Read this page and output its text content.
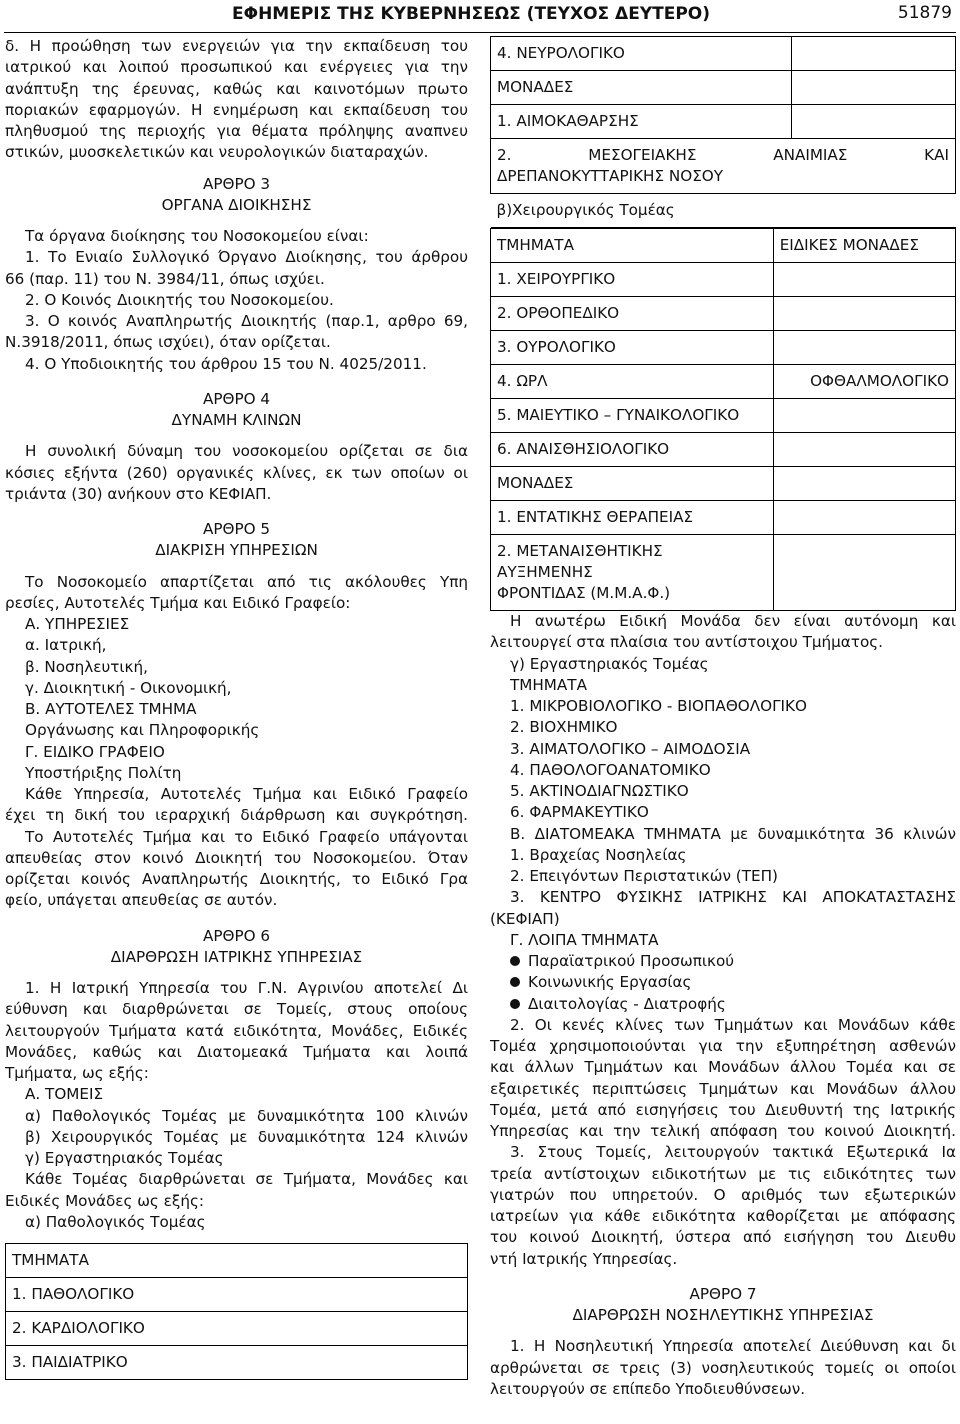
ΕΦΗΜΕΡΙΣ ΤΗΣ ΚΥΒΕΡΝΗΣΕΩΣ (ΤΕΥΧΟΣ ΔΕΥΤΕΡΟ)	51879
δ. Η προώθηση των ενεργειών για την εκπαίδευση του
ιατρικού και λοιπού προσωπικού και ενέργειες για την
ανάπτυξη της έρευνας, καθώς και καινοτόμων πρωτο
ποριακών εφαρμογών. Η ενημέρωση και εκπαίδευση του
πληθυσμού της περιοχής για θέματα πρόληψης αναπνευ
στικών, μυοσκελετικών και νευρολογικών διαταραχών.
ΑΡΘΡΟ 3
ΟΡΓΑΝΑ ΔΙΟΙΚΗΣΗΣ
Τα όργανα διοίκησης του Νοσοκομείου είναι:
1. Το Ενιαίο Συλλογικό Όργανο Διοίκησης, του άρθρου
66 (παρ. 11) του Ν. 3984/11, όπως ισχύει.
2. Ο Κοινός Διοικητής του Νοσοκομείου.
3. Ο κοινός Αναπληρωτής Διοικητής (παρ.1, αρθρο 69,
Ν.3918/2011, όπως ισχύει), όταν ορίζεται.
4. Ο Υποδιοικητής του άρθρου 15 του Ν. 4025/2011.
ΑΡΘΡΟ 4
ΔΥΝΑΜΗ ΚΛΙΝΩΝ
Η συνολική δύναμη του νοσοκομείου ορίζεται σε δια
κόσιες εξήντα (260) οργανικές κλίνες, εκ των οποίων οι
τριάντα (30) ανήκουν στο ΚΕΦΙΑΠ.
ΑΡΘΡΟ 5
ΔΙΑΚΡΙΣΗ ΥΠΗΡΕΣΙΩΝ
Το Νοσοκομείο απαρτίζεται από τις ακόλουθες Υπη
ρεσίες, Αυτοτελές Τμήμα και Ειδικό Γραφείο:
Α. ΥΠΗΡΕΣΙΕΣ
α. Ιατρική,
β. Νοσηλευτική,
γ. Διοικητική - Οικονομική,
Β. ΑΥΤΟΤΕΛΕΣ ΤΜΗΜΑ
Οργάνωσης και Πληροφορικής
Γ. ΕΙΔΙΚΟ ΓΡΑΦΕΙΟ
Υποστήριξης Πολίτη
Κάθε Υπηρεσία, Αυτοτελές Τμήμα και Ειδικό Γραφείο
έχει τη δική του ιεραρχική διάρθρωση και συγκρότηση.
Το Αυτοτελές Τμήμα και το Ειδικό Γραφείο υπάγονται
απευθείας στον κοινό Διοικητή του Νοσοκομείου. Όταν
ορίζεται κοινός Αναπληρωτής Διοικητής, το Ειδικό Γρα
φείο, υπάγεται απευθείας σε αυτόν.
ΑΡΘΡΟ 6
ΔΙΑΡΘΡΩΣΗ ΙΑΤΡΙΚΗΣ ΥΠΗΡΕΣΙΑΣ
1. Η Ιατρική Υπηρεσία του Γ.Ν. Αγρινίου αποτελεί Δι
εύθυνση και διαρθρώνεται σε Τομείς, στους οποίους
λειτουργούν Τμήματα κατά ειδικότητα, Μονάδες, Ειδικές
Μονάδες, καθώς και Διατομεακά Τμήματα και λοιπά
Τμήματα, ως εξής:
Α. ΤΟΜΕΙΣ
α) Παθολογικός Τομέας με δυναμικότητα 100 κλινών
β) Χειρουργικός Τομέας με δυναμικότητα 124 κλινών
γ) Εργαστηριακός Τομέας
Κάθε Τομέας διαρθρώνεται σε Τμήματα, Μονάδες και
Ειδικές Μονάδες ως εξής:
α) Παθολογικός Τομέας
ΤΜΗΜΑΤΑ
1. ΠΑΘΟΛΟΓΙΚΟ
2. ΚΑΡΔΙΟΛΟΓΙΚΟ
3. ΠΑΙΔΙΑΤΡΙΚΟ
4. ΝΕΥΡΟΛΟΓΙΚΟ	
ΜΟΝΑΔΕΣ	
1. ΑΙΜΟΚΑΘΑΡΣΗΣ	

2. ΜΕΣΟΓΕΙΑΚΗΣ ΑΝΑΙΜΙΑΣ ΚΑΙ
ΔΡΕΠΑΝΟΚΥΤΤΑΡΙΚΗΣ ΝΟΣΟΥ	

β)Χειρουργικός Τομέας	
ΤΜΗΜΑΤΑ	ΕΙΔΙΚΕΣ ΜΟΝΑΔΕΣ
1. ΧΕΙΡΟΥΡΓΙΚΟ	
2. ΟΡΘΟΠΕΔΙΚΟ	
3. ΟΥΡΟΛΟΓΙΚΟ	
4. ΩΡΛ	ΟΦΘΑΛΜΟΛΟΓΙΚΟ
5. ΜΑΙΕΥΤΙΚΟ – ΓΥΝΑΙΚΟΛΟΓΙΚΟ	
6. ΑΝΑΙΣΘΗΣΙΟΛΟΓΙΚΟ	
ΜΟΝΑΔΕΣ	
1. ΕΝΤΑΤΙΚΗΣ ΘΕΡΑΠΕΙΑΣ	

2. ΜΕΤΑΝΑΙΣΘΗΤΙΚΗΣ
ΑΥΞΗΜΕΝΗΣ
ΦΡΟΝΤΙΔΑΣ (Μ.Μ.Α.Φ.)	

Η ανωτέρω Ειδική Μονάδα δεν είναι αυτόνομη και
λειτουργεί στα πλαίσια του αντίστοιχου Τμήματος.
γ) Εργαστηριακός Τομέας
ΤΜΗΜΑΤΑ
1. ΜΙΚΡΟΒΙΟΛΟΓΙΚΟ - ΒΙΟΠΑΘΟΛΟΓΙΚΟ
2. ΒΙΟΧΗΜΙΚΟ
3. ΑΙΜΑΤΟΛΟΓΙΚΟ – ΑΙΜΟΔΟΣΙΑ
4. ΠΑΘΟΛΟΓΟΑΝΑΤΟΜΙΚΟ
5. ΑΚΤΙΝΟΔΙΑΓΝΩΣΤΙΚΟ
6. ΦΑΡΜΑΚΕΥΤΙΚΟ
Β. ΔΙΑΤΟΜΕΑΚΑ ΤΜΗΜΑΤΑ με δυναμικότητα 36 κλινών
1. Βραχείας Νοσηλείας
2. Επειγόντων Περιστατικών (ΤΕΠ)
3. ΚΕΝΤΡΟ ΦΥΣΙΚΗΣ ΙΑΤΡΙΚΗΣ ΚΑΙ ΑΠΟΚΑΤΑΣΤΑΣΗΣ
(ΚΕΦΙΑΠ)
Γ. ΛΟΙΠΑ ΤΜΗΜΑΤΑ
Παραϊατρικού Προσωπικού
Κοινωνικής Εργασίας
Διαιτολογίας - Διατροφής
2. Οι κενές κλίνες των Τμημάτων και Μονάδων κάθε
Τομέα χρησιμοποιούνται για την εξυπηρέτηση ασθενών
και άλλων Τμημάτων και Μονάδων άλλου Τομέα και σε
εξαιρετικές περιπτώσεις Τμημάτων και Μονάδων άλλου
Τομέα, μετά από εισηγήσεις του Διευθυντή της Ιατρικής
Υπηρεσίας και την τελική απόφαση του κοινού Διοικητή.
3. Στους Τομείς, λειτουργούν τακτικά Εξωτερικά Ια
τρεία αντίστοιχων ειδικοτήτων με τις ειδικότητες των
γιατρών που υπηρετούν. Ο αριθμός των εξωτερικών
ιατρείων για κάθε ειδικότητα καθορίζεται με απόφασης
του κοινού Διοικητή, ύστερα από εισήγηση του Διευθυ
ντή Ιατρικής Υπηρεσίας.
ΑΡΘΡΟ 7
ΔΙΑΡΘΡΩΣΗ ΝΟΣΗΛΕΥΤΙΚΗΣ ΥΠΗΡΕΣΙΑΣ
1. Η Νοσηλευτική Υπηρεσία αποτελεί Διεύθυνση και δι
αρθρώνεται σε τρεις (3) νοσηλευτικούς τομείς οι οποίοι
λειτουργούν σε επίπεδο Υποδιευθύνσεων.
